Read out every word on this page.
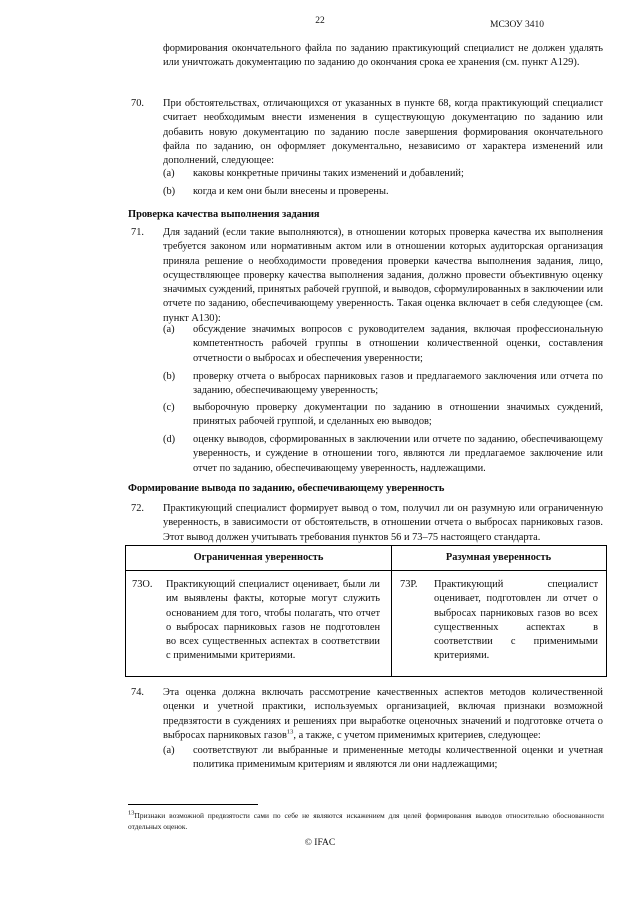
22	МСЗОУ 3410
формирования окончательного файла по заданию практикующий специалист не должен удалять или уничтожать документацию по заданию до окончания срока ее хранения (см. пункт A129).
70. При обстоятельствах, отличающихся от указанных в пункте 68, когда практикующий специалист считает необходимым внести изменения в существующую документацию по заданию или добавить новую документацию по заданию после завершения формирования окончательного файла по заданию, он оформляет документально, независимо от характера изменений или дополнений, следующее:
(a) каковы конкретные причины таких изменений и добавлений;
(b) когда и кем они были внесены и проверены.
Проверка качества выполнения задания
71. Для заданий (если такие выполняются), в отношении которых проверка качества их выполнения требуется законом или нормативным актом или в отношении которых аудиторская организация приняла решение о необходимости проведения проверки качества выполнения задания, лицо, осуществляющее проверку качества выполнения задания, должно провести объективную оценку значимых суждений, принятых рабочей группой, и выводов, сформулированных в заключении или отчете по заданию, обеспечивающему уверенность. Такая оценка включает в себя следующее (см. пункт A130):
(a) обсуждение значимых вопросов с руководителем задания, включая профессиональную компетентность рабочей группы в отношении количественной оценки, составления отчетности о выбросах и обеспечения уверенности;
(b) проверку отчета о выбросах парниковых газов и предлагаемого заключения или отчета по заданию, обеспечивающему уверенность;
(c) выборочную проверку документации по заданию в отношении значимых суждений, принятых рабочей группой, и сделанных ею выводов;
(d) оценку выводов, сформированных в заключении или отчете по заданию, обеспечивающему уверенность, и суждение в отношении того, являются ли предлагаемое заключение или отчет по заданию, обеспечивающему уверенность, надлежащими.
Формирование вывода по заданию, обеспечивающему уверенность
72. Практикующий специалист формирует вывод о том, получил ли он разумную или ограниченную уверенность, в зависимости от обстоятельств, в отношении отчета о выбросах парниковых газов. Этот вывод должен учитывать требования пунктов 56 и 73–75 настоящего стандарта.
Ограниченная уверенность	Разумная уверенность
73О. Практикующий специалист оценивает, были ли им выявлены факты, которые могут служить основанием для того, чтобы полагать, что отчет о выбросах парниковых газов не подготовлен во всех существенных аспектах в соответствии с применимыми критериями.
73Р. Практикующий специалист оценивает, подготовлен ли отчет о выбросах парниковых газов во всех существенных аспектах в соответствии с применимыми критериями.
74. Эта оценка должна включать рассмотрение качественных аспектов методов количественной оценки и учетной практики, используемых организацией, включая признаки возможной предвзятости в суждениях и решениях при выработке оценочных значений и подготовке отчета о выбросах парниковых газов$^{13}$, а также, с учетом применимых критериев, следующее:
(a) соответствуют ли выбранные и примененные методы количественной оценки и учетная политика применимым критериям и являются ли они надлежащими;
$^{13}$Признаки возможной предвзятости сами по себе не являются искажением для целей формирования выводов относительно обоснованности отдельных оценок.
© IFAC
